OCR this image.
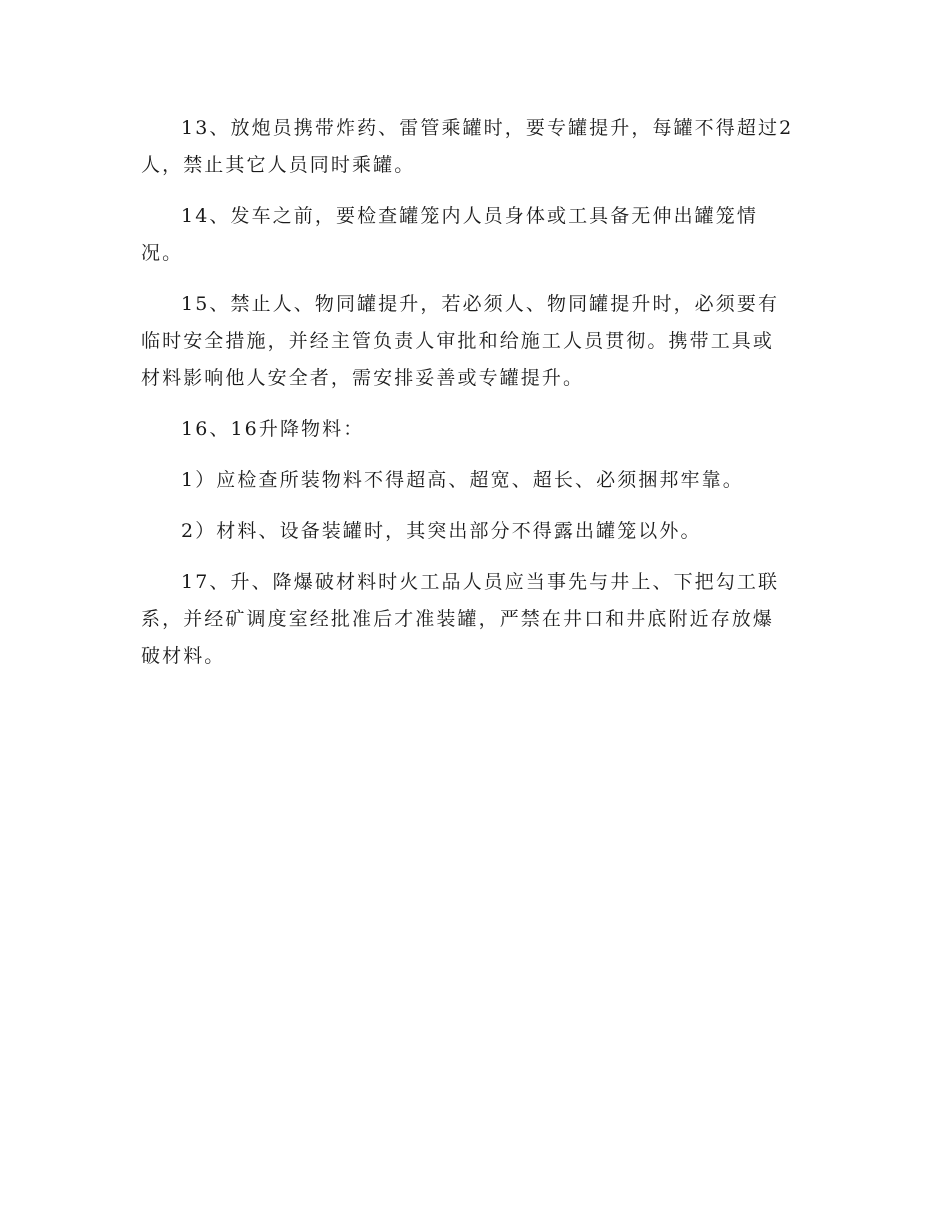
13、放炮员携带炸药、雷管乘罐时，要专罐提升，每罐不得超过2
人，禁止其它人员同时乘罐。

14、发车之前，要检查罐笼内人员身体或工具备无伸出罐笼情
况。

15、禁止人、物同罐提升，若必须人、物同罐提升时，必须要有
临时安全措施，并经主管负责人审批和给施工人员贯彻。携带工具或
材料影响他人安全者，需安排妥善或专罐提升。

16、16升降物料：

1）应检查所装物料不得超高、超宽、超长、必须捆邦牢靠。

2）材料、设备装罐时，其突出部分不得露出罐笼以外。

17、升、降爆破材料时火工品人员应当事先与井上、下把勾工联
系，并经矿调度室经批准后才准装罐，严禁在井口和井底附近存放爆
破材料。
